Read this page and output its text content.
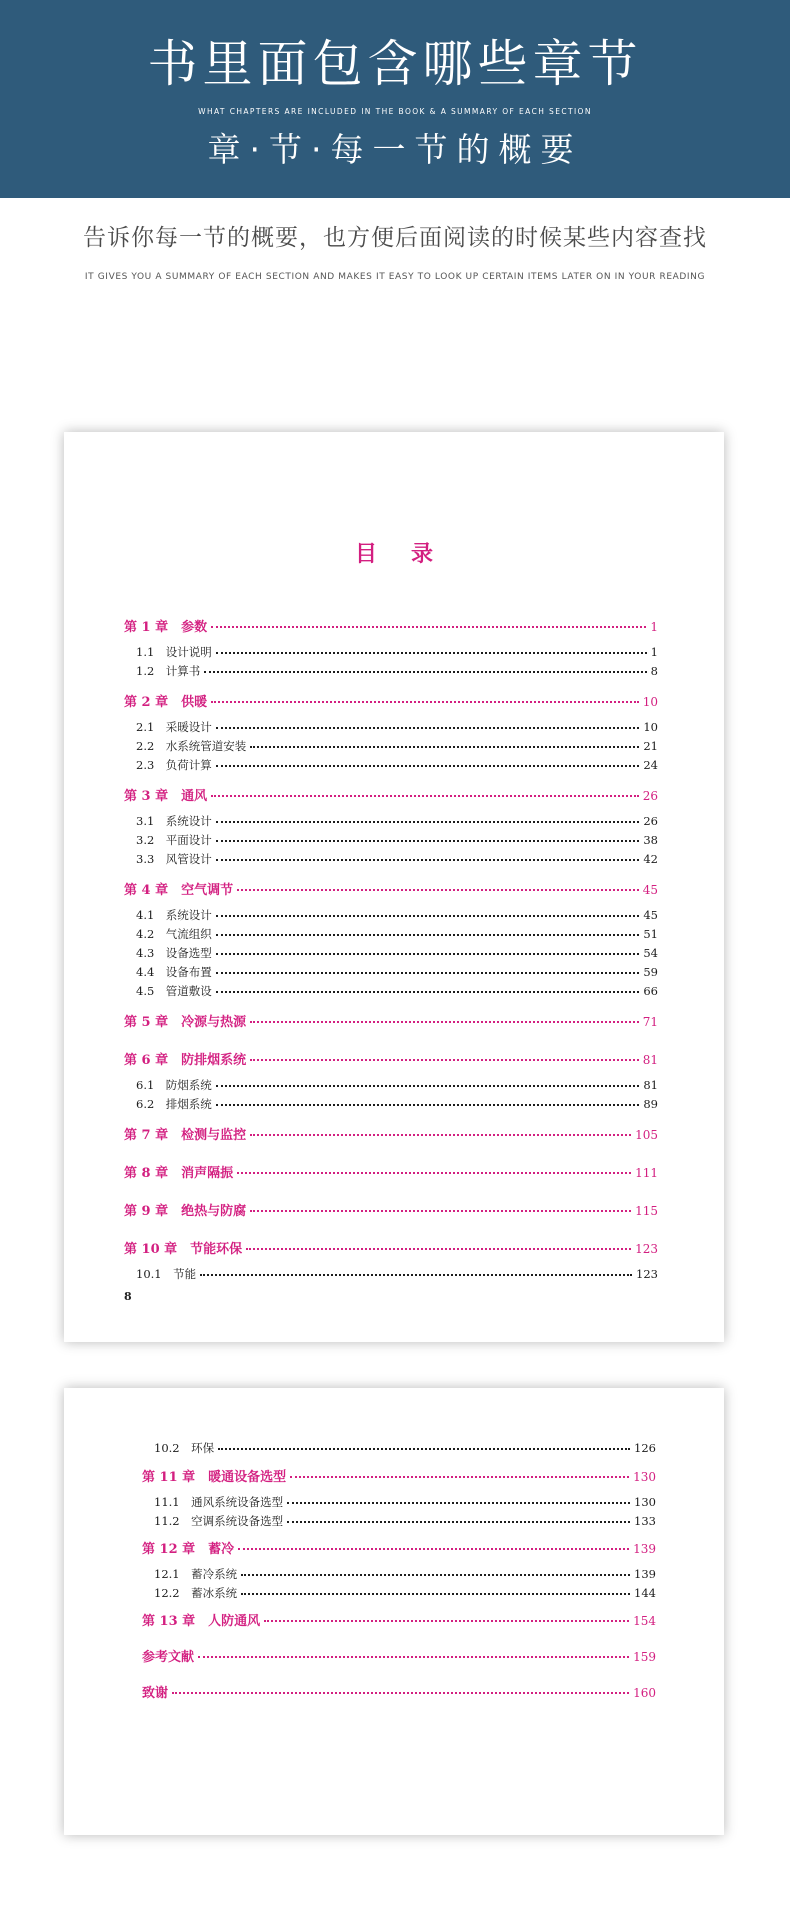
书里面包含哪些章节
WHAT CHAPTERS ARE INCLUDED IN THE BOOK & A SUMMARY OF EACH SECTION
章·节·每一节的概要
告诉你每一节的概要，也方便后面阅读的时候某些内容查找
IT GIVES YOU A SUMMARY OF EACH SECTION AND MAKES IT EASY TO LOOK UP CERTAIN ITEMS LATER ON IN YOUR READING
目录
第 1 章　参数	1
1.1　设计说明	1
1.2　计算书	8
第 2 章　供暖	10
2.1　采暖设计	10
2.2　水系统管道安装	21
2.3　负荷计算	24
第 3 章　通风	26
3.1　系统设计	26
3.2　平面设计	38
3.3　风管设计	42
第 4 章　空气调节	45
4.1　系统设计	45
4.2　气流组织	51
4.3　设备选型	54
4.4　设备布置	59
4.5　管道敷设	66
第 5 章　冷源与热源	71
第 6 章　防排烟系统	81
6.1　防烟系统	81
6.2　排烟系统	89
第 7 章　检测与监控	105
第 8 章　消声隔振	111
第 9 章　绝热与防腐	115
第 10 章　节能环保	123
10.1　节能	123
8
10.2　环保	126
第 11 章　暖通设备选型	130
11.1　通风系统设备选型	130
11.2　空调系统设备选型	133
第 12 章　蓄冷	139
12.1　蓄冷系统	139
12.2　蓄冰系统	144
第 13 章　人防通风	154
参考文献	159
致谢	160
